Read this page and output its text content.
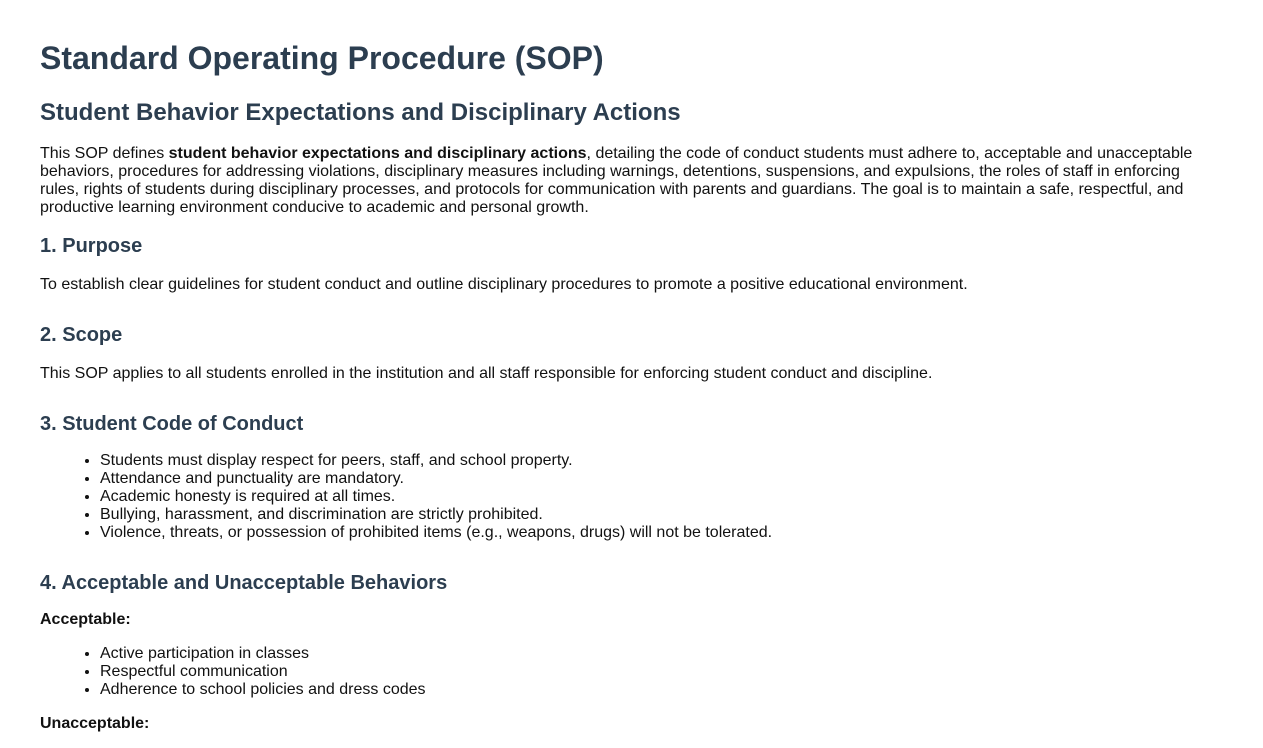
Standard Operating Procedure (SOP)
Student Behavior Expectations and Disciplinary Actions

This SOP defines student behavior expectations and disciplinary actions, detailing the code of conduct students must adhere to, acceptable and unacceptable behaviors, procedures for addressing violations, disciplinary measures including warnings, detentions, suspensions, and expulsions, the roles of staff in enforcing rules, rights of students during disciplinary processes, and protocols for communication with parents and guardians. The goal is to maintain a safe, respectful, and productive learning environment conducive to academic and personal growth.

1. Purpose

To establish clear guidelines for student conduct and outline disciplinary procedures to promote a positive educational environment.

2. Scope

This SOP applies to all students enrolled in the institution and all staff responsible for enforcing student conduct and discipline.

3. Student Code of Conduct
• Students must display respect for peers, staff, and school property.
• Attendance and punctuality are mandatory.
• Academic honesty is required at all times.
• Bullying, harassment, and discrimination are strictly prohibited.
• Violence, threats, or possession of prohibited items (e.g., weapons, drugs) will not be tolerated.
4. Acceptable and Unacceptable Behaviors
Acceptable:
• Active participation in classes
• Respectful communication
• Adherence to school policies and dress codes
Unacceptable:
